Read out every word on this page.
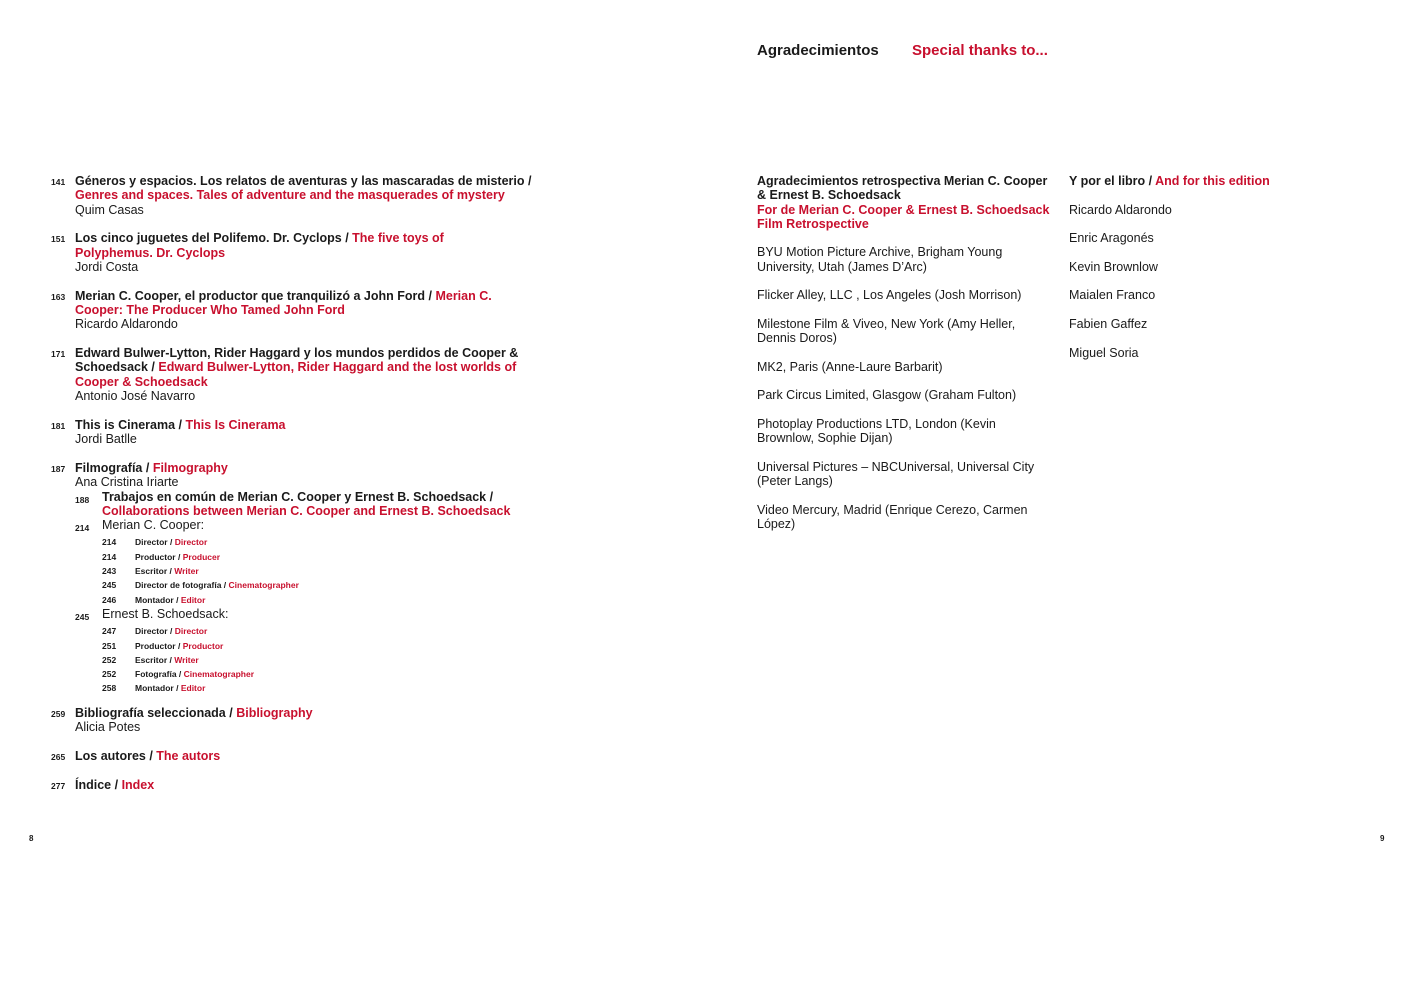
141 Géneros y espacios. Los relatos de aventuras y las mascaradas de misterio / Genres and spaces. Tales of adventure and the masquerades of mystery
Quim Casas
151 Los cinco juguetes del Polifemo. Dr. Cyclops / The five toys of Polyphemus. Dr. Cyclops
Jordi Costa
163 Merian C. Cooper, el productor que tranquilizó a John Ford / Merian C. Cooper: The Producer Who Tamed John Ford
Ricardo Aldarondo
171 Edward Bulwer-Lytton, Rider Haggard y los mundos perdidos de Cooper & Schoedsack / Edward Bulwer-Lytton, Rider Haggard and the lost worlds of Cooper & Schoedsack
Antonio José Navarro
181 This is Cinerama / This Is Cinerama
Jordi Batlle
187 Filmografía / Filmography
Ana Cristina Iriarte
188	Trabajos en común de Merian C. Cooper y Ernest B. Schoedsack / Collaborations between Merian C. Cooper and Ernest B. Schoedsack
214	Merian C. Cooper:
214	Director / Director
214	Productor / Producer
243	Escritor / Writer
245	Director de fotografía / Cinematographer
246	Montador / Editor
245	Ernest B. Schoedsack:
247	Director / Director
251	Productor / Productor
252	Escritor / Writer
252	Fotografía / Cinematographer
258	Montador / Editor
259 Bibliografía seleccionada / Bibliography
Alicia Potes
265 Los autores / The autors
277 Índice / Index
8
Agradecimientos Special thanks to...
Agradecimientos retrospectiva Merian C. Cooper & Ernest B. Schoedsack
For de Merian C. Cooper & Ernest B. Schoedsack Film Retrospective

BYU Motion Picture Archive, Brigham Young University, Utah (James D’Arc)

Flicker Alley, LLC , Los Angeles (Josh Morrison)

Milestone Film & Viveo, New York (Amy Heller, Dennis Doros)

MK2, Paris (Anne-Laure Barbarit)

Park Circus Limited, Glasgow (Graham Fulton)

Photoplay Productions LTD, London (Kevin Brownlow, Sophie Dijan)

Universal Pictures – NBCUniversal, Universal City (Peter Langs)

Video Mercury, Madrid (Enrique Cerezo, Carmen López)

Y por el libro / And for this edition

Ricardo Aldarondo

Enric Aragonés

Kevin Brownlow

Maialen Franco

Fabien Gaffez

Miguel Soria

9
